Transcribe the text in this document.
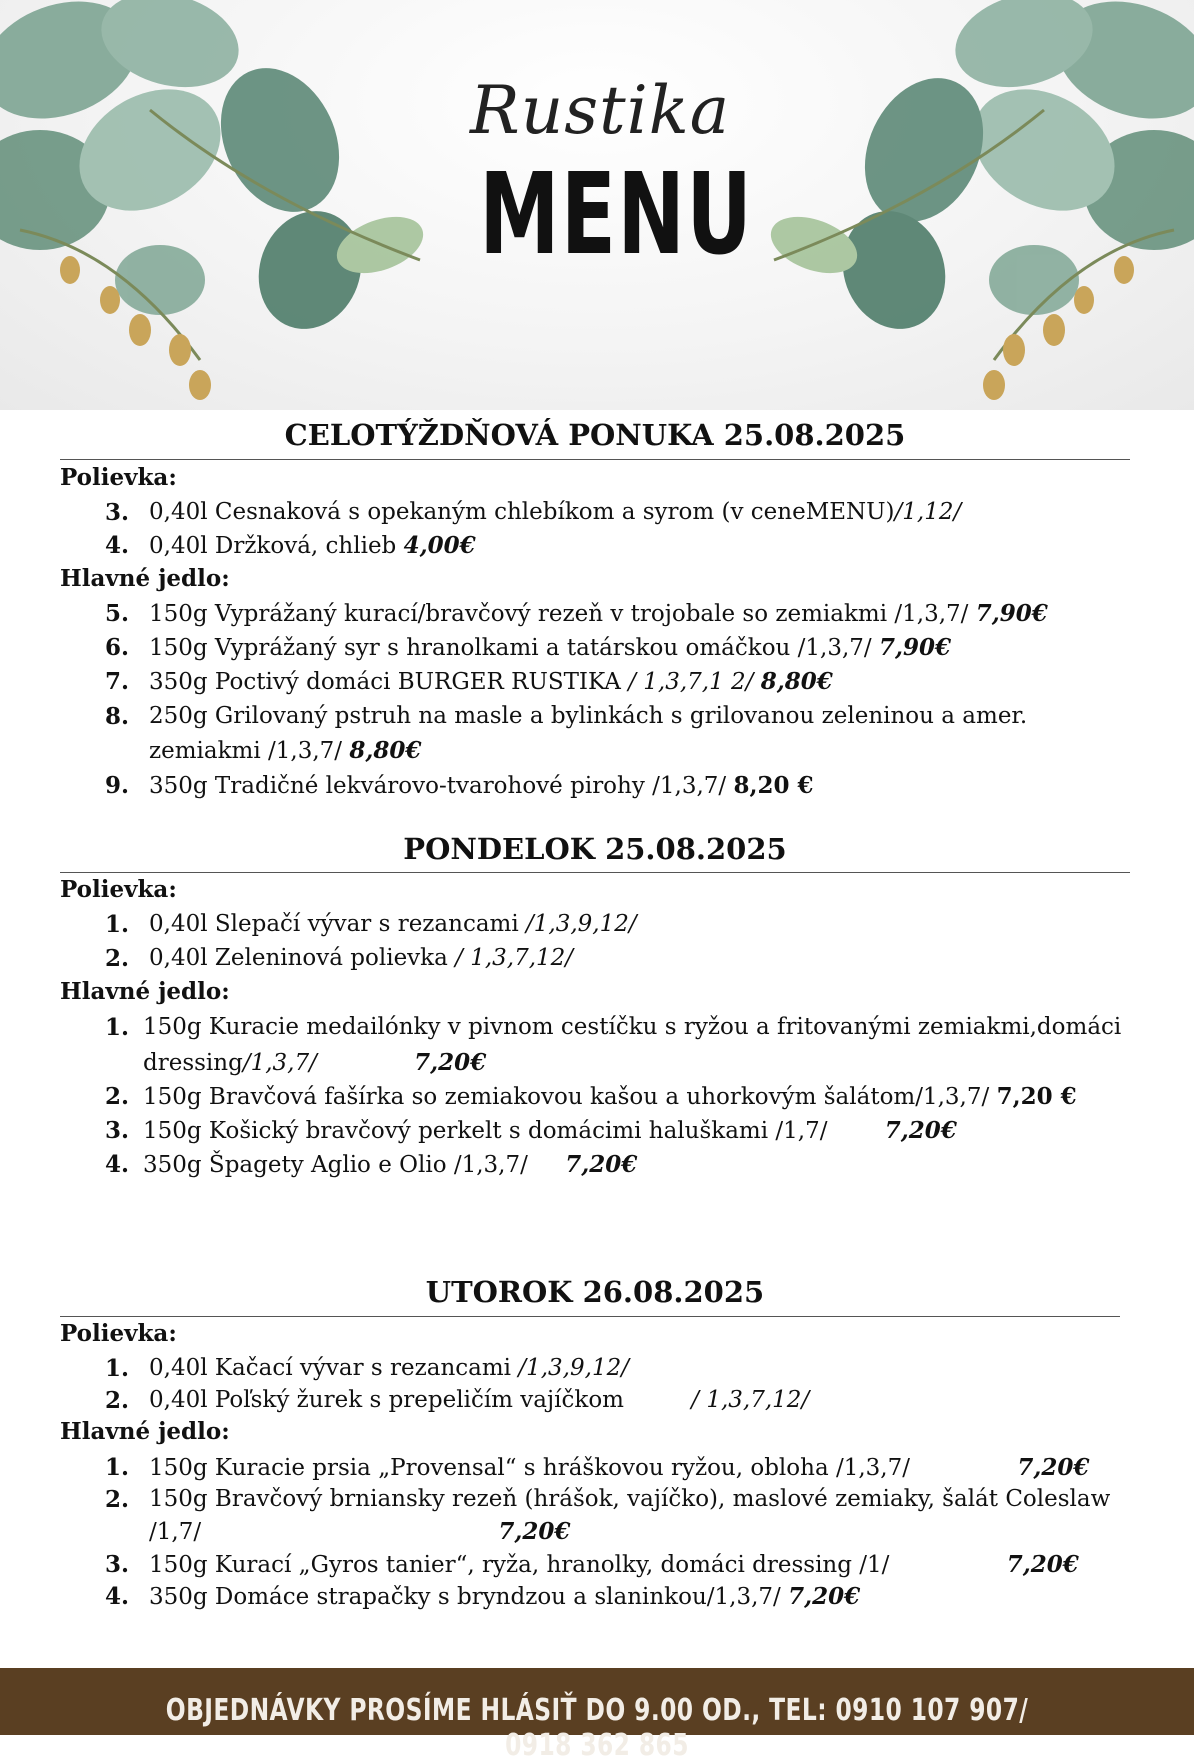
Rustika
MENU
CELOTÝŽDŇOVÁ PONUKA 25.08.2025
Polievka:
3. 0,40l Cesnaková s opekaným chlebíkom a syrom (v ceneMENU)/1,12/
4. 0,40l Držková, chlieb 4,00€
Hlavné jedlo:
5. 150g Vyprážaný kurací/bravčový rezeň v trojobale so zemiakmi /1,3,7/ 7,90€
6. 150g Vyprážaný syr s hranolkami a tatárskou omáčkou /1,3,7/ 7,90€
7. 350g Poctivý domáci BURGER RUSTIKA / 1,3,7,1 2/ 8,80€
8. 250g Grilovaný pstruh na masle a bylinkách s grilovanou zeleninou a amer.
zemiakmi /1,3,7/ 8,80€
9. 350g Tradičné lekvárovo-tvarohové pirohy /1,3,7/ 8,20 €
PONDELOK 25.08.2025
Polievka:
1. 0,40l Slepačí vývar s rezancami /1,3,9,12/
2. 0,40l Zeleninová polievka / 1,3,7,12/
Hlavné jedlo:
1. 150g Kuracie medailónky v pivnom cestíčku s ryžou a fritovanými zemiakmi,domáci
dressing/1,3,7/	7,20€
2. 150g Bravčová fašírka so zemiakovou kašou a uhorkovým šalátom/1,3,7/ 7,20 €
3. 150g Košický bravčový perkelt s domácimi haluškami /1,7/ 7,20€
4. 350g Špagety Aglio e Olio /1,3,7/ 7,20€
UTOROK 26.08.2025
Polievka:
1. 0,40l Kačací vývar s rezancami /1,3,9,12/
2. 0,40l Poľský žurek s prepeličím vajíčkom	/ 1,3,7,12/
Hlavné jedlo:
1. 150g Kuracie prsia „Provensal“ s hráškovou ryžou, obloha /1,3,7/	7,20€
2. 150g Bravčový brniansky rezeň (hrášok, vajíčko), maslové zemiaky, šalát Coleslaw
/1,7/	7,20€
3. 150g Kurací „Gyros tanier“, ryža, hranolky, domáci dressing /1/	7,20€
4. 350g Domáce strapačky s bryndzou a slaninkou/1,3,7/ 7,20€
OBJEDNÁVKY PROSÍME HLÁSIŤ DO 9.00 OD., TEL: 0910 107 907/ 0918 362 865
